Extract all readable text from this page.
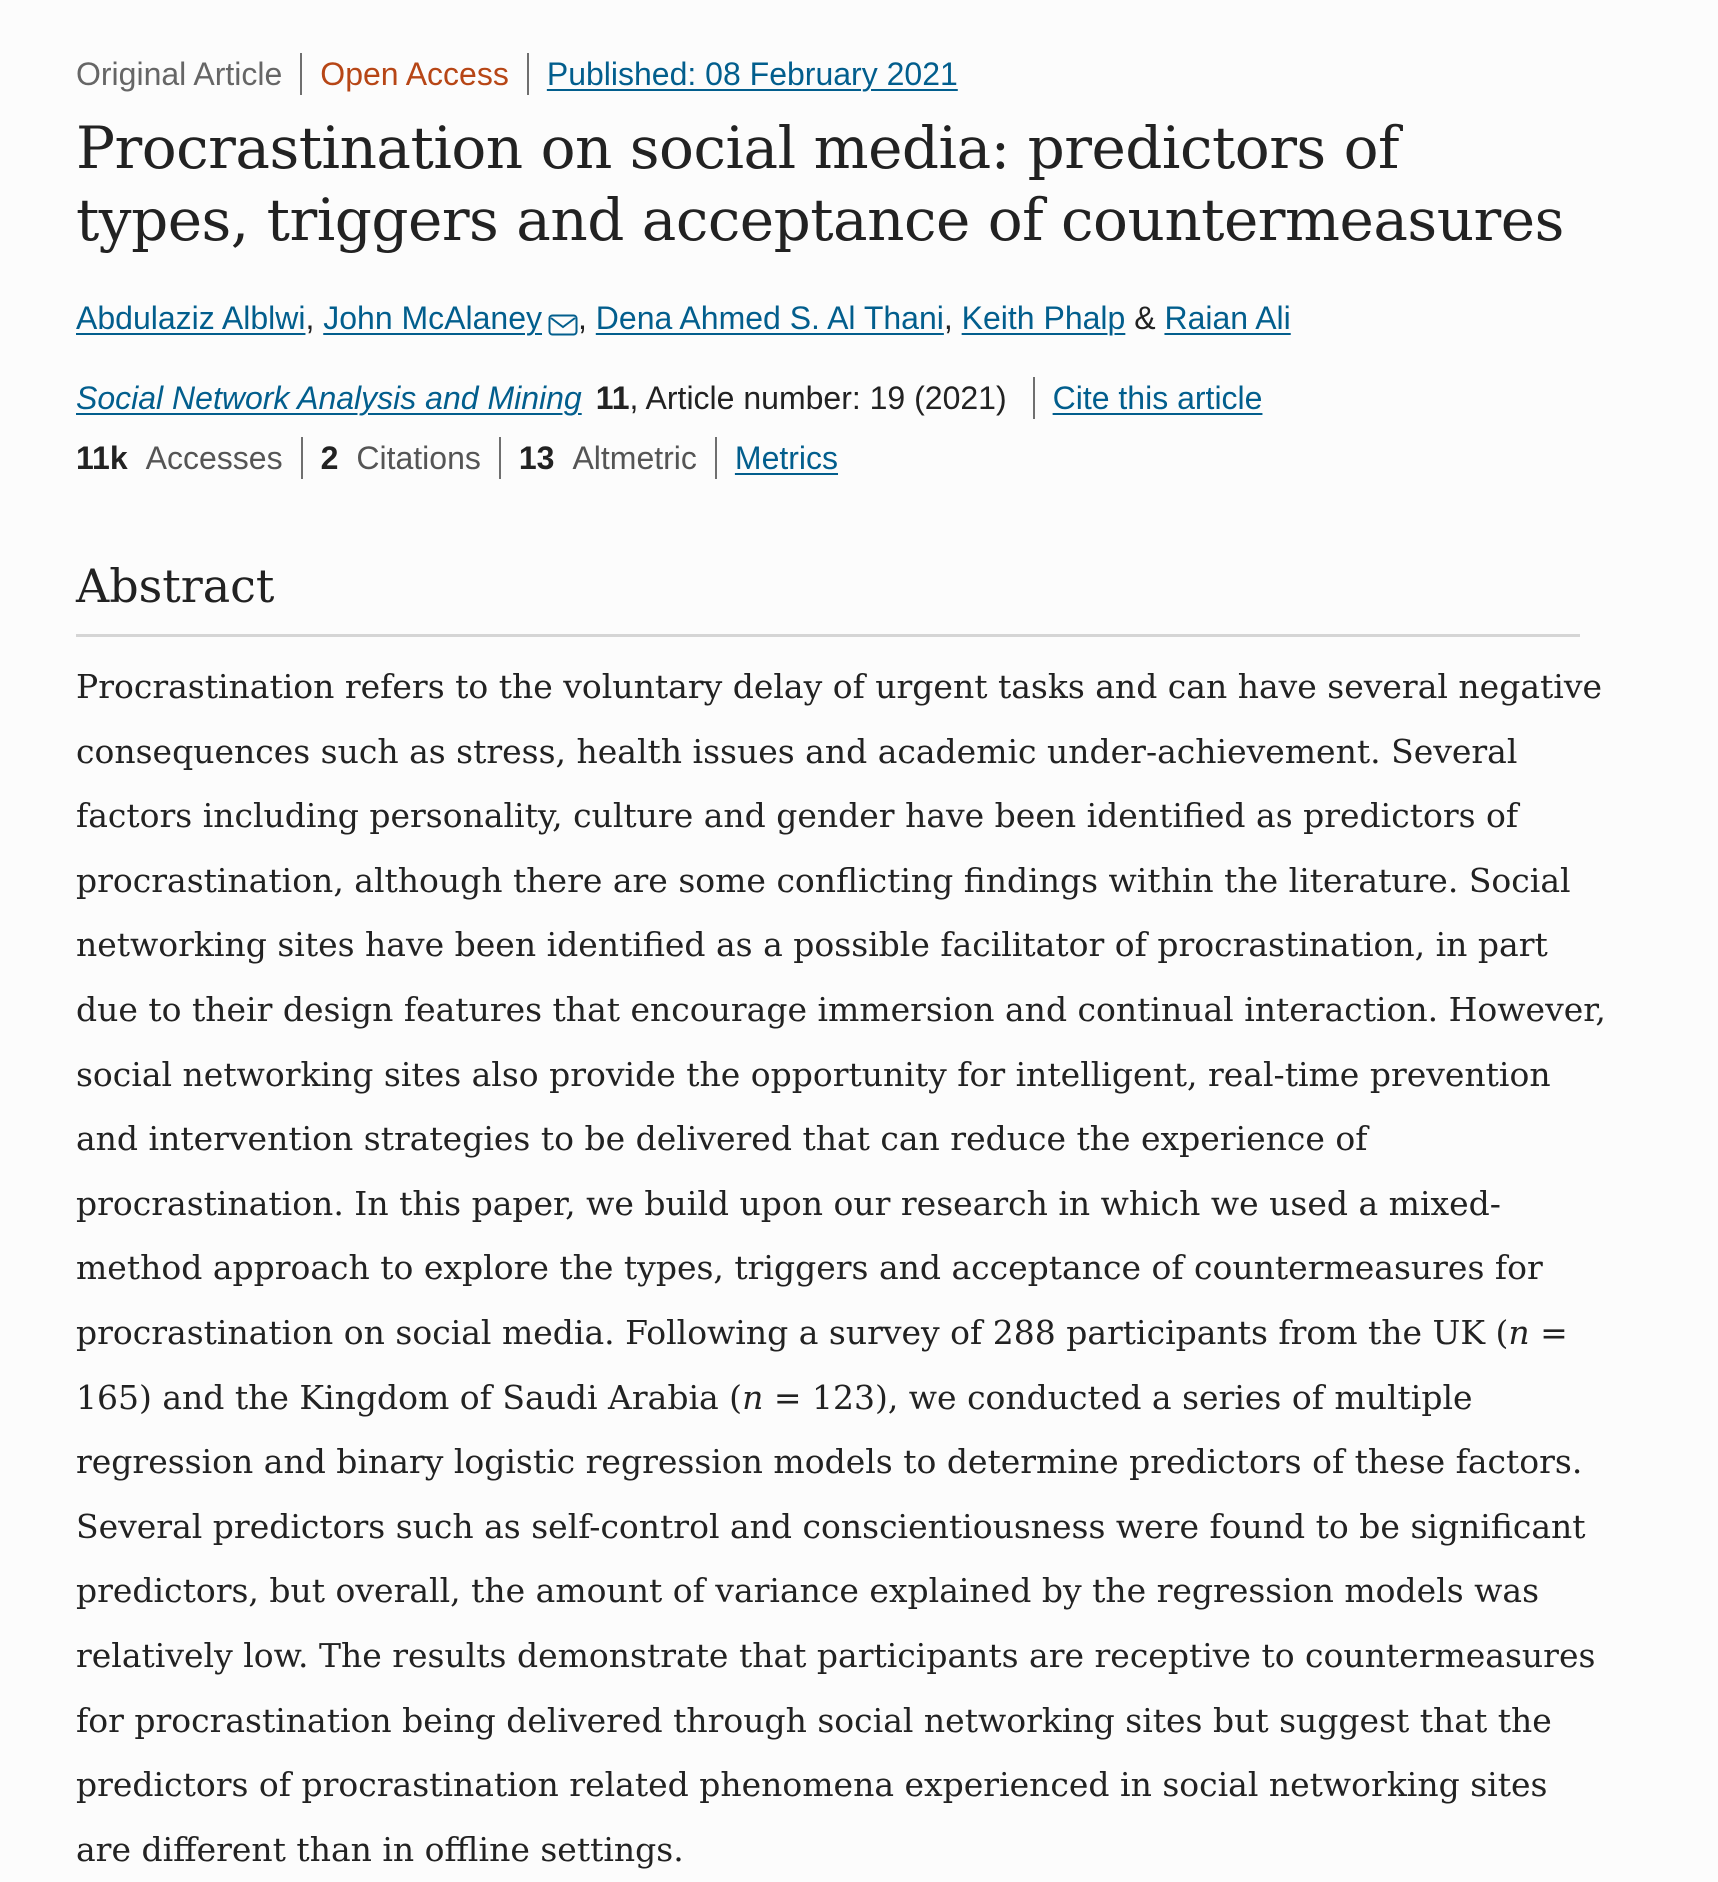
Original Article	Open Access	Published: 08 February 2021
Procrastination on social media: predictors of types, triggers and acceptance of countermeasures
Abdulaziz Alblwi , John McAlaney , Dena Ahmed S. Al Thani , Keith Phalp & Raian Ali
Social Network Analysis and Mining 11 , Article number: 19 (2021) Cite this article
11k Accesses 2 Citations 13 Altmetric Metrics
Abstract

Procrastination refers to the voluntary delay of urgent tasks and can have several negative consequences such as stress, health issues and academic under-achievement. Several factors including personality, culture and gender have been identified as predictors of procrastination, although there are some conflicting findings within the literature. Social networking sites have been identified as a possible facilitator of procrastination, in part due to their design features that encourage immersion and continual interaction. However, social networking sites also provide the opportunity for intelligent, real-time prevention and intervention strategies to be delivered that can reduce the experience of procrastination. In this paper, we build upon our research in which we used a mixed-method approach to explore the types, triggers and acceptance of countermeasures for procrastination on social media. Following a survey of 288 participants from the UK (n = 165) and the Kingdom of Saudi Arabia (n = 123), we conducted a series of multiple regression and binary logistic regression models to determine predictors of these factors. Several predictors such as self-control and conscientiousness were found to be significant predictors, but overall, the amount of variance explained by the regression models was relatively low. The results demonstrate that participants are receptive to countermeasures for procrastination being delivered through social networking sites but suggest that the predictors of procrastination related phenomena experienced in social networking sites are different than in offline settings.
